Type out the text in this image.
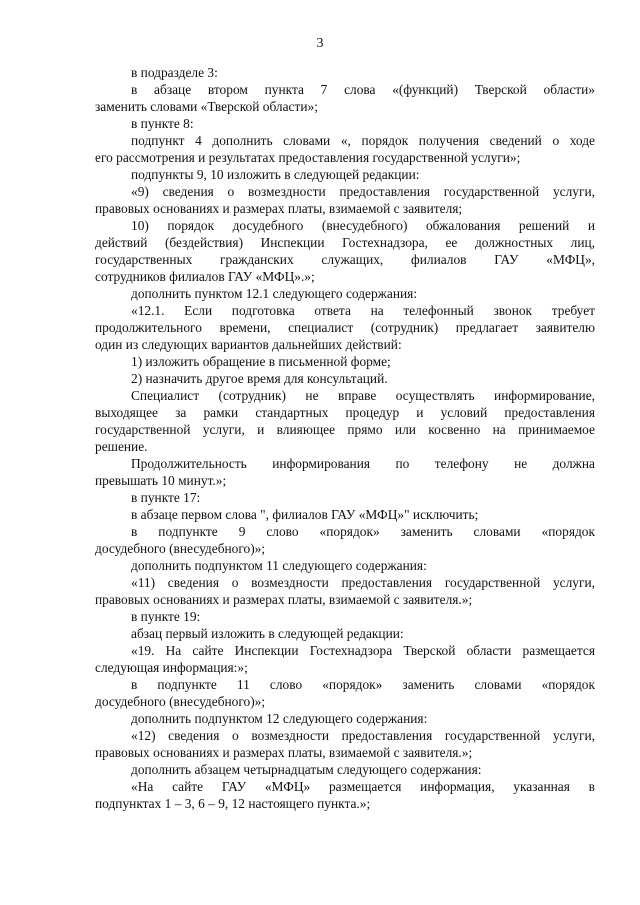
3

в подразделе 3:

в абзаце втором пункта 7 слова «(функций) Тверской области»

заменить словами «Тверской области»;

в пункте 8:

подпункт 4 дополнить словами «, порядок получения сведений о ходе

его рассмотрения и результатах предоставления государственной услуги»;

подпункты 9, 10 изложить в следующей редакции:

«9) сведения о возмездности предоставления государственной услуги,

правовых основаниях и размерах платы, взимаемой с заявителя;

10) порядок досудебного (внесудебного) обжалования решений и

действий (бездействия) Инспекции Гостехнадзора, ее должностных лиц,

государственных гражданских служащих, филиалов ГАУ «МФЦ»,

сотрудников филиалов ГАУ «МФЦ».»;

дополнить пунктом 12.1 следующего содержания:

«12.1. Если подготовка ответа на телефонный звонок требует

продолжительного времени, специалист (сотрудник) предлагает заявителю

один из следующих вариантов дальнейших действий:

1) изложить обращение в письменной форме;

2) назначить другое время для консультаций.

Специалист (сотрудник) не вправе осуществлять информирование,

выходящее за рамки стандартных процедур и условий предоставления

государственной услуги, и влияющее прямо или косвенно на принимаемое

решение.

Продолжительность информирования по телефону не должна

превышать 10 минут.»;

в пункте 17:

в абзаце первом слова ", филиалов ГАУ «МФЦ»" исключить;

в подпункте 9 слово «порядок» заменить словами «порядок

досудебного (внесудебного)»;

дополнить подпунктом 11 следующего содержания:

«11) сведения о возмездности предоставления государственной услуги,

правовых основаниях и размерах платы, взимаемой с заявителя.»;

в пункте 19:

абзац первый изложить в следующей редакции:

«19. На сайте Инспекции Гостехнадзора Тверской области размещается

следующая информация:»;

в подпункте 11 слово «порядок» заменить словами «порядок

досудебного (внесудебного)»;

дополнить подпунктом 12 следующего содержания:

«12) сведения о возмездности предоставления государственной услуги,

правовых основаниях и размерах платы, взимаемой с заявителя.»;

дополнить абзацем четырнадцатым следующего содержания:

«На сайте ГАУ «МФЦ» размещается информация, указанная в

подпунктах 1 – 3, 6 – 9, 12 настоящего пункта.»;
